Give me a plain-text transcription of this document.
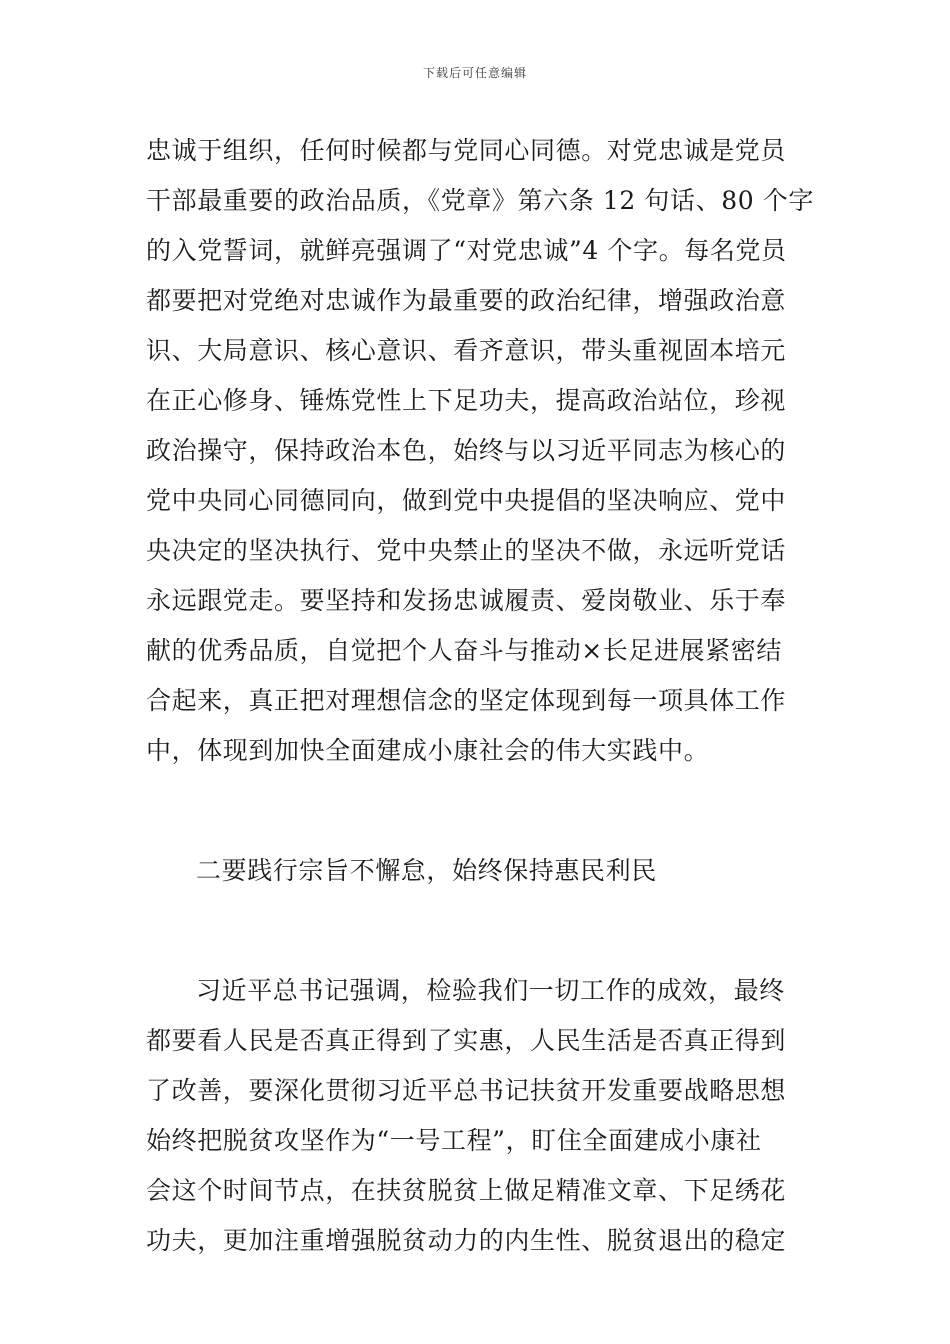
下载后可任意编辑
忠诚于组织，任何时候都与党同心同德。对党忠诚是党员
干部最重要的政治品质，《党章》第六条 12 句话、80 个字
的入党誓词，就鲜亮强调了“对党忠诚”4 个字。每名党员
都要把对党绝对忠诚作为最重要的政治纪律，增强政治意
识、大局意识、核心意识、看齐意识，带头重视固本培元
在正心修身、锤炼党性上下足功夫，提高政治站位，珍视
政治操守，保持政治本色，始终与以习近平同志为核心的
党中央同心同德同向，做到党中央提倡的坚决响应、党中
央决定的坚决执行、党中央禁止的坚决不做，永远听党话
永远跟党走。要坚持和发扬忠诚履责、爱岗敬业、乐于奉
献的优秀品质，自觉把个人奋斗与推动×长足进展紧密结
合起来，真正把对理想信念的坚定体现到每一项具体工作
中，体现到加快全面建成小康社会的伟大实践中。
二要践行宗旨不懈怠，始终保持惠民利民
习近平总书记强调，检验我们一切工作的成效，最终
都要看人民是否真正得到了实惠，人民生活是否真正得到
了改善，要深化贯彻习近平总书记扶贫开发重要战略思想
始终把脱贫攻坚作为“一号工程”，盯住全面建成小康社
会这个时间节点，在扶贫脱贫上做足精准文章、下足绣花
功夫，更加注重增强脱贫动力的内生性、脱贫退出的稳定
